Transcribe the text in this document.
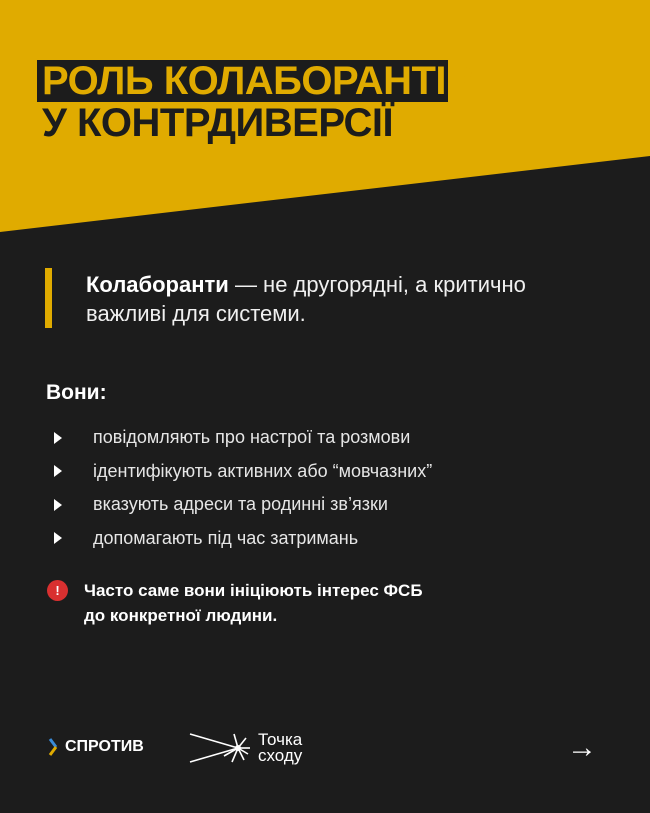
РОЛЬ КОЛАБОРАНТІВ
У КОНТРДИВЕРСІЇ
Колаборанти — не другорядні, а критично важливі для системи.
Вони:
повідомляють про настрої та розмови
ідентифікують активних або “мовчазних”
вказують адреси та родинні зв’язки
допомагають під час затримань
!	Часто саме вони ініціюють інтерес ФСБ
до конкретної людини.
СПРОТИВ	Точка
сходу	→
